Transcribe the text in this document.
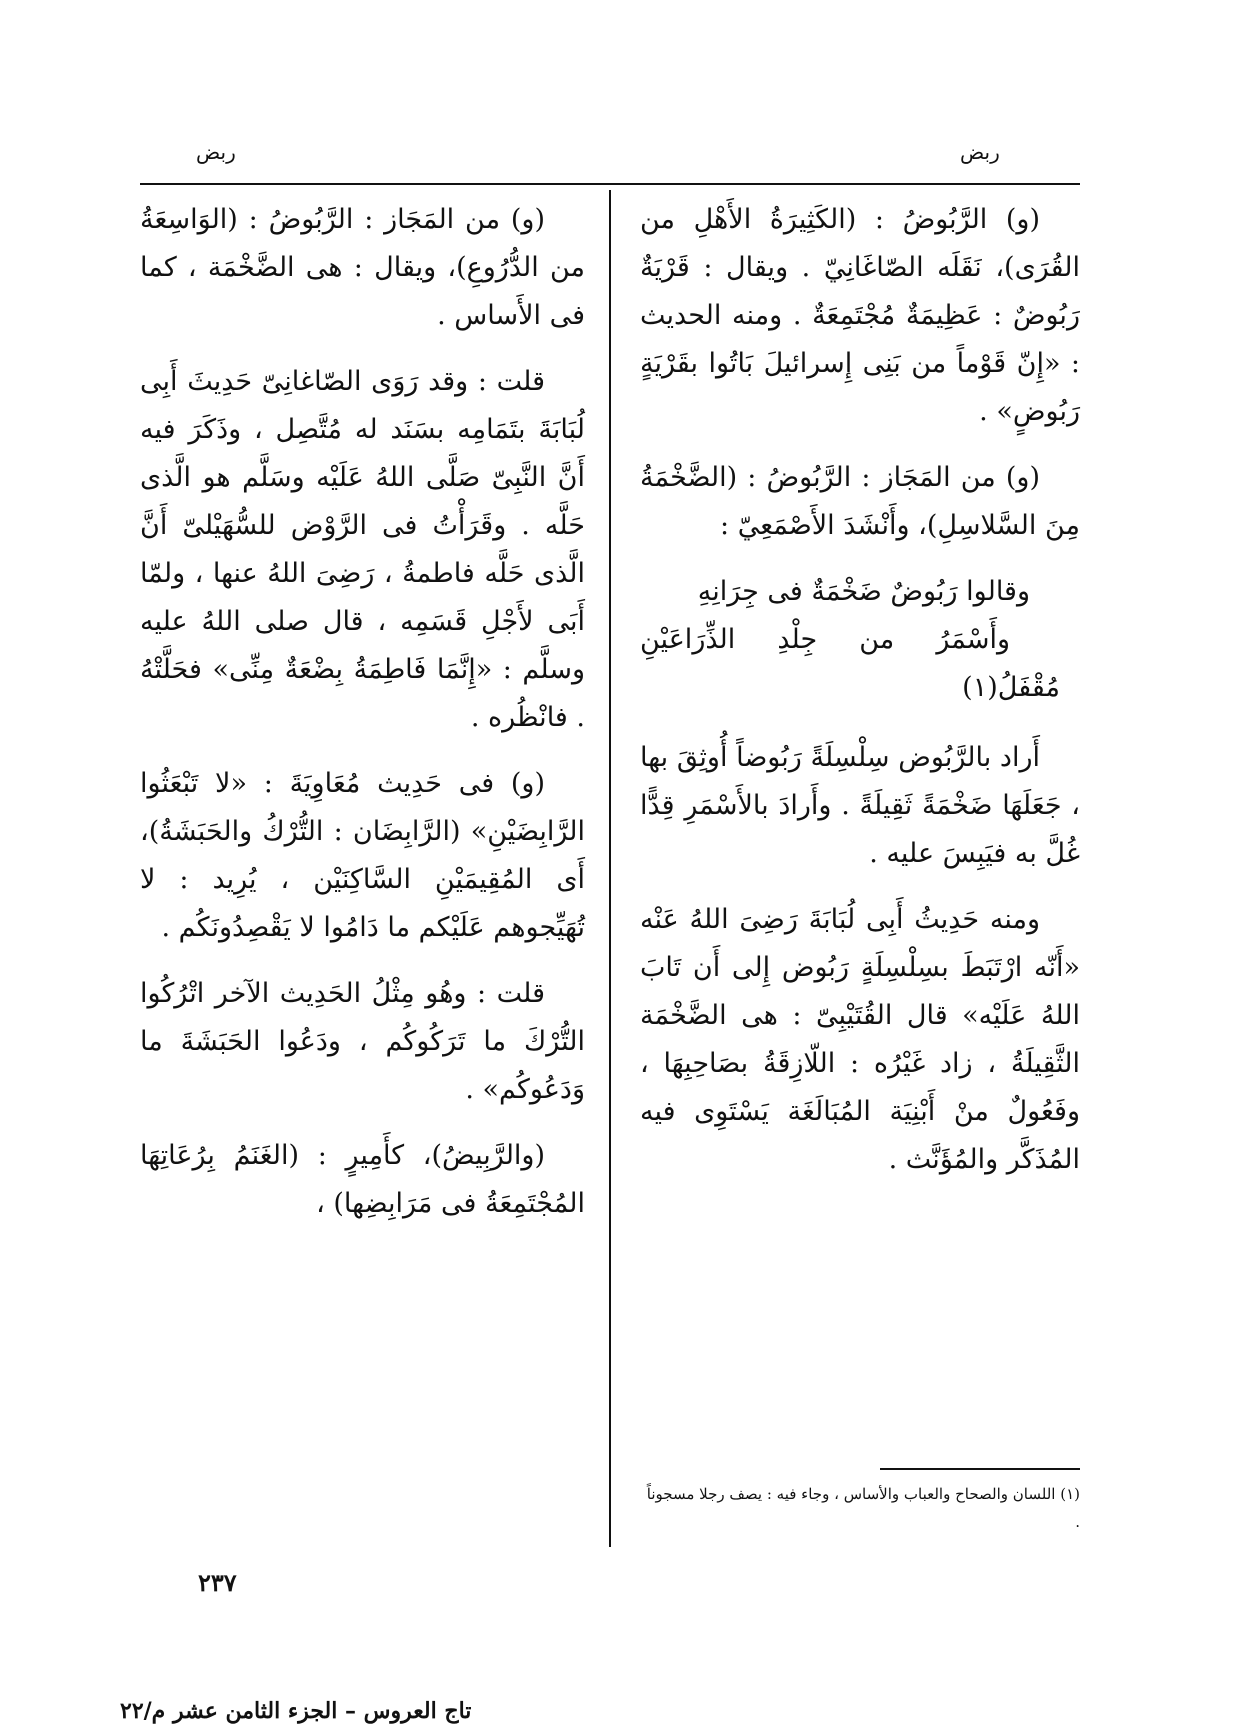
ربض
ربض

(و) الرَّبُوضُ : (الكَثِيرَةُ الأَهْلِ من القُرَى)، نَقَلَه الصّاغَانِيّ . ويقال : قَرْيَةٌ رَبُوضٌ : عَظِيمَةٌ مُجْتَمِعَةٌ . ومنه الحديث : «إِنّ قَوْماً من بَنِى إِسرائيلَ بَاتُوا بقَرْيَةٍ رَبُوضٍ» .

(و) من المَجَاز : الرَّبُوضُ : (الضَّخْمَةُ مِنَ السَّلاسِلِ)، وأَنْشَدَ الأَصْمَعِيّ :

وقالوا رَبُوضٌ ضَخْمَةٌ فى جِرَانِهِ
وأَسْمَرُ من جِلْدِ الذِّرَاعَيْنِ مُقْفَلُ(١)

أَراد بالرَّبُوض سِلْسِلَةً رَبُوضاً أُوثِقَ بها ، جَعَلَهَا ضَخْمَةً ثَقِيلَةً . وأَرادَ بالأَسْمَرِ قِدًّا غُلَّ به فيَبِسَ عليه .

ومنه حَدِيثُ أَبِى لُبَابَةَ رَضِىَ اللهُ عَنْه «أَنّه ارْتَبَطَ بسِلْسِلَةٍ رَبُوض إِلى أَن تَابَ اللهُ عَلَيْه» قال القُتَيْبِىّ : هى الضَّخْمَة الثَّقِيلَةُ ، زاد غَيْرُه : اللّازِقَةُ بصَاحِبِهَا ، وفَعُولٌ منْ أَبْنِيَة المُبَالَغَة يَسْتَوِى فيه المُذَكَّر والمُؤَنَّث .

(و) من المَجَاز : الرَّبُوضُ : (الوَاسِعَةُ من الدُّرُوعِ)، ويقال : هى الضَّخْمَة ، كما فى الأَساس .

قلت : وقد رَوَى الصّاغانِىّ حَدِيثَ أَبِى لُبَابَةَ بتَمَامِه بسَنَد له مُتَّصِل ، وذَكَرَ فيه أَنَّ النَّبِىّ صَلَّى اللهُ عَلَيْه وسَلَّم هو الَّذى حَلَّه . وقَرَأْتُ فى الرَّوْض للسُّهَيْلىّ أَنَّ الَّذى حَلَّه فاطمةُ ، رَضِىَ اللهُ عنها ، ولمّا أَبَى لأَجْلِ قَسَمِه ، قال صلى اللهُ عليه وسلَّم : «إِنَّمَا فَاطِمَةُ بِضْعَةٌ مِنِّى» فحَلَّتْهُ . فانْظُره .

(و) فى حَدِيث مُعَاوِيَةَ : «لا تَبْعَثُوا الرَّابِضَيْنِ» (الرَّابِضَان : التُّرْكُ والحَبَشَةُ)، أَى المُقِيمَيْنِ السَّاكِنَيْن ، يُرِيد : لا تُهَيِّجوهم عَلَيْكم ما دَامُوا لا يَقْصِدُونَكُم .

قلت : وهُو مِثْلُ الحَدِيث الآخر اتْرُكُوا التُّرْكَ ما تَرَكُوكُم ، ودَعُوا الحَبَشَةَ ما وَدَعُوكُم» .

(والرَّبِيضُ)، كأَمِيرٍ : (الغَنَمُ بِرُعَاتِهَا المُجْتَمِعَةُ فى مَرَابِضِها) ،

(١) اللسان والصحاح والعباب والأساس ، وجاء فيه : يصف رجلا مسجوناً .
٢٣٧
تاج العروس – الجزء الثامن عشر م/٢٢
